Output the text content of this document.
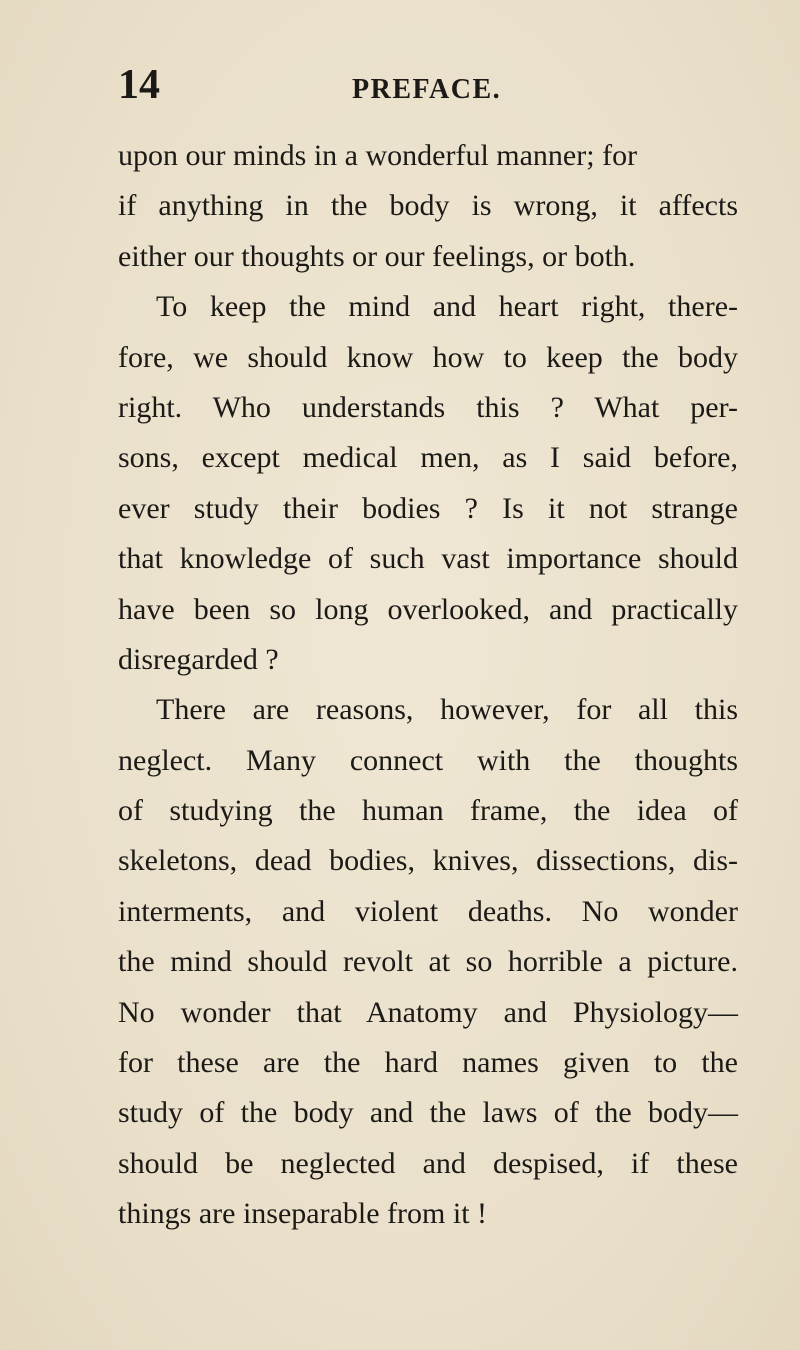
14	PREFACE.
upon our minds in a wonderful manner; for
if anything in the body is wrong, it affects
either our thoughts or our feelings, or both.
To keep the mind and heart right, there-
fore, we should know how to keep the body
right. Who understands this ? What per-
sons, except medical men, as I said before,
ever study their bodies ? Is it not strange
that knowledge of such vast importance should
have been so long overlooked, and practically
disregarded ?
There are reasons, however, for all this
neglect. Many connect with the thoughts
of studying the human frame, the idea of
skeletons, dead bodies, knives, dissections, dis-
interments, and violent deaths. No wonder
the mind should revolt at so horrible a picture.
No wonder that Anatomy and Physiology—
for these are the hard names given to the
study of the body and the laws of the body—
should be neglected and despised, if these
things are inseparable from it !
